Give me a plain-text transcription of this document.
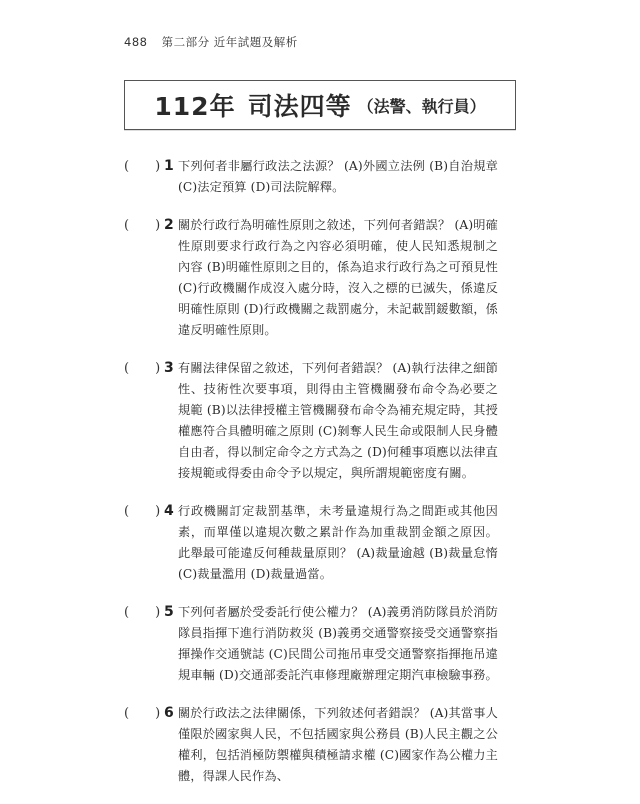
488 第二部分 近年試題及解析
112年 司法四等 （法警、執行員）
(　　) 1 下列何者非屬行政法之法源？ (A)外國立法例 (B)自治規章 (C)法定預算 (D)司法院解釋。
(　　) 2 關於行政行為明確性原則之敘述，下列何者錯誤？ (A)明確性原則要求行政行為之內容必須明確，使人民知悉規制之內容 (B)明確性原則之目的，係為追求行政行為之可預見性 (C)行政機關作成沒入處分時，沒入之標的已滅失，係違反明確性原則 (D)行政機關之裁罰處分，未記載罰鍰數額，係違反明確性原則。
(　　) 3 有關法律保留之敘述，下列何者錯誤？ (A)執行法律之細節性、技術性次要事項，則得由主管機關發布命令為必要之規範 (B)以法律授權主管機關發布命令為補充規定時，其授權應符合具體明確之原則 (C)剝奪人民生命或限制人民身體自由者，得以制定命令之方式為之 (D)何種事項應以法律直接規範或得委由命令予以規定，與所謂規範密度有關。
(　　) 4 行政機關訂定裁罰基準，未考量違規行為之間距或其他因素，而單僅以違規次數之累計作為加重裁罰金額之原因。此舉最可能違反何種裁量原則？ (A)裁量逾越 (B)裁量怠惰 (C)裁量濫用 (D)裁量過當。
(　　) 5 下列何者屬於受委託行使公權力？ (A)義勇消防隊員於消防隊員指揮下進行消防救災 (B)義勇交通警察接受交通警察指揮操作交通號誌 (C)民間公司拖吊車受交通警察指揮拖吊違規車輛 (D)交通部委託汽車修理廠辦理定期汽車檢驗事務。
(　　) 6 關於行政法之法律關係，下列敘述何者錯誤？ (A)其當事人僅限於國家與人民，不包括國家與公務員 (B)人民主觀之公權利，包括消極防禦權與積極請求權 (C)國家作為公權力主體，得課人民作為、
